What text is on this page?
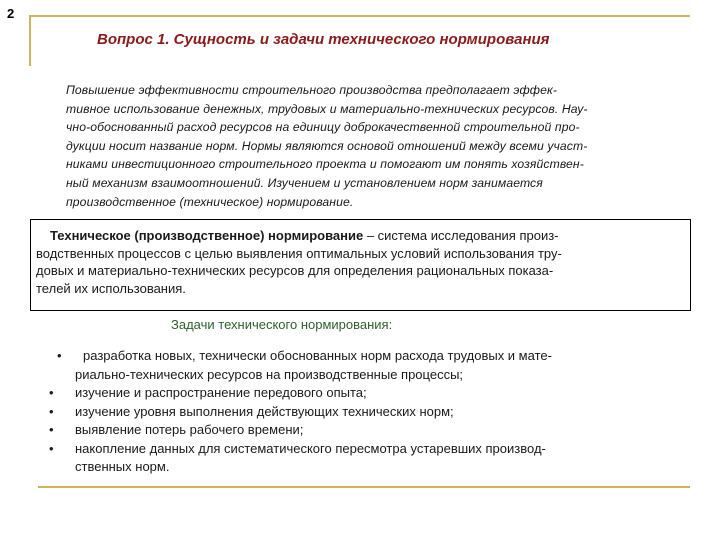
2
Вопрос 1. Сущность и задачи технического нормирования
Повышение эффективности строительного производства предполагает эффек-
тивное использование денежных, трудовых и материально-технических ресурсов. Нау-
чно-обоснованный расход ресурсов на единицу доброкачественной строительной про-
дукции носит название норм. Нормы являются основой отношений между всеми участ-
никами инвестиционного строительного проекта и помогают им понять хозяйствен-
ный механизм взаимоотношений. Изучением и установлением норм занимается
производственное (техническое) нормирование.
Техническое (производственное) нормирование – система исследования произ-
водственных процессов с целью выявления оптимальных условий использования тру-
довых и материально-технических ресурсов для определения рациональных показа-
телей их использования.
Задачи технического нормирования:
• разработка новых, технически обоснованных норм расхода трудовых и мате-
риально-технических ресурсов на производственные процессы;
• изучение и распространение передового опыта;
• изучение уровня выполнения действующих технических норм;
• выявление потерь рабочего времени;
• накопление данных для систематического пересмотра устаревших производ-
ственных норм.
